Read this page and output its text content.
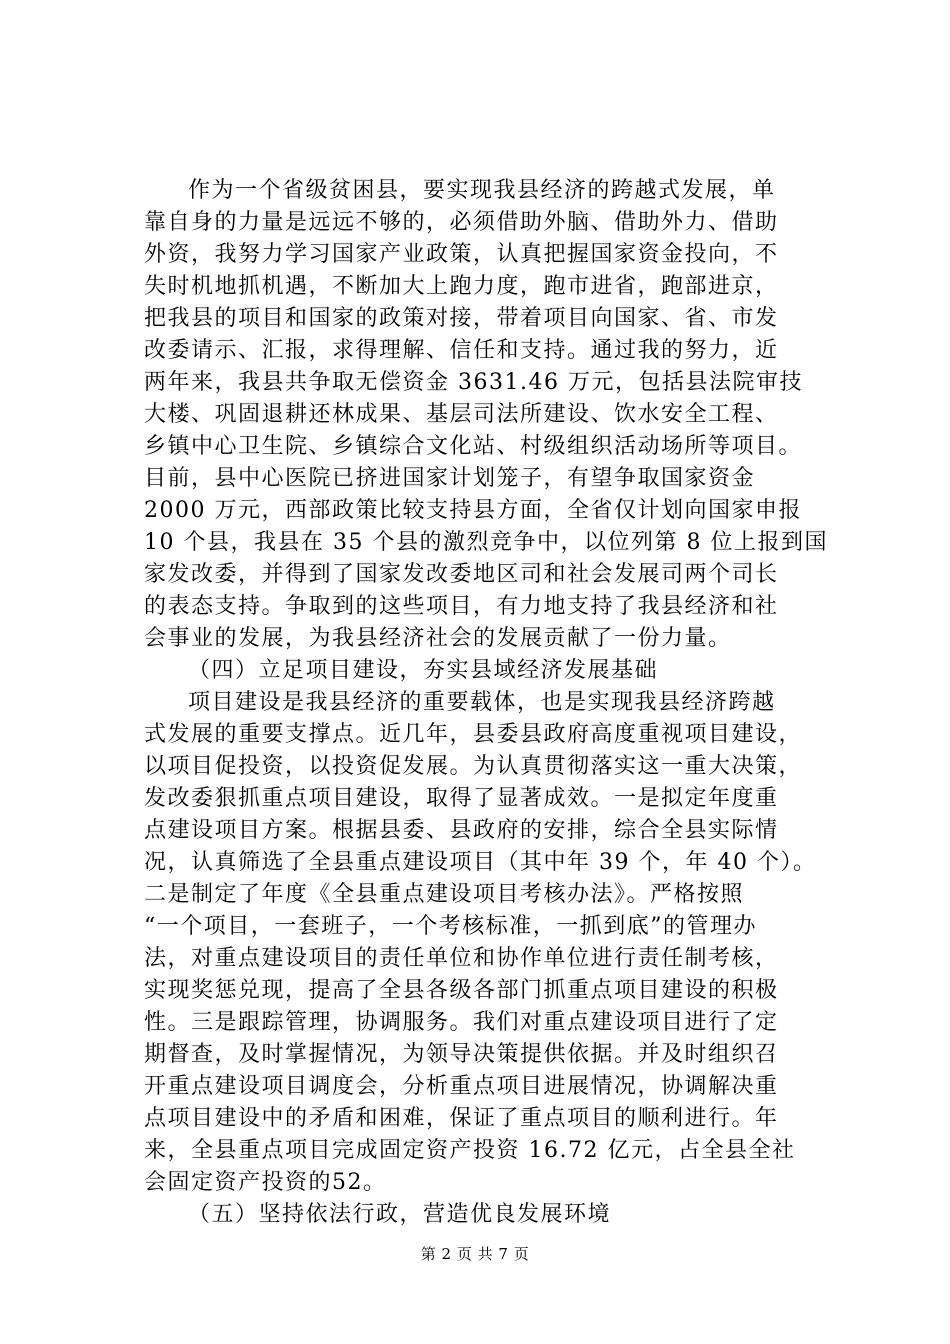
作为一个省级贫困县，要实现我县经济的跨越式发展，单
靠自身的力量是远远不够的，必须借助外脑、借助外力、借助
外资，我努力学习国家产业政策，认真把握国家资金投向，不
失时机地抓机遇，不断加大上跑力度，跑市进省，跑部进京，
把我县的项目和国家的政策对接，带着项目向国家、省、市发
改委请示、汇报，求得理解、信任和支持。通过我的努力，近
两年来，我县共争取无偿资金 3631.46 万元，包括县法院审技
大楼、巩固退耕还林成果、基层司法所建设、饮水安全工程、
乡镇中心卫生院、乡镇综合文化站、村级组织活动场所等项目。
目前，县中心医院已挤进国家计划笼子，有望争取国家资金
2000 万元，西部政策比较支持县方面，全省仅计划向国家申报
10 个县，我县在 35 个县的激烈竞争中，以位列第 8 位上报到国
家发改委，并得到了国家发改委地区司和社会发展司两个司长
的表态支持。争取到的这些项目，有力地支持了我县经济和社
会事业的发展，为我县经济社会的发展贡献了一份力量。
（四）立足项目建设，夯实县域经济发展基础
项目建设是我县经济的重要载体，也是实现我县经济跨越
式发展的重要支撑点。近几年，县委县政府高度重视项目建设，
以项目促投资，以投资促发展。为认真贯彻落实这一重大决策，
发改委狠抓重点项目建设，取得了显著成效。一是拟定年度重
点建设项目方案。根据县委、县政府的安排，综合全县实际情
况，认真筛选了全县重点建设项目（其中年 39 个，年 40 个）。
二是制定了年度《全县重点建设项目考核办法》。严格按照
“一个项目，一套班子，一个考核标准，一抓到底”的管理办
法，对重点建设项目的责任单位和协作单位进行责任制考核，
实现奖惩兑现，提高了全县各级各部门抓重点项目建设的积极
性。三是跟踪管理，协调服务。我们对重点建设项目进行了定
期督查，及时掌握情况，为领导决策提供依据。并及时组织召
开重点建设项目调度会，分析重点项目进展情况，协调解决重
点项目建设中的矛盾和困难，保证了重点项目的顺利进行。年
来，全县重点项目完成固定资产投资 16.72 亿元，占全县全社
会固定资产投资的52。
（五）坚持依法行政，营造优良发展环境
第 2 页 共 7 页
